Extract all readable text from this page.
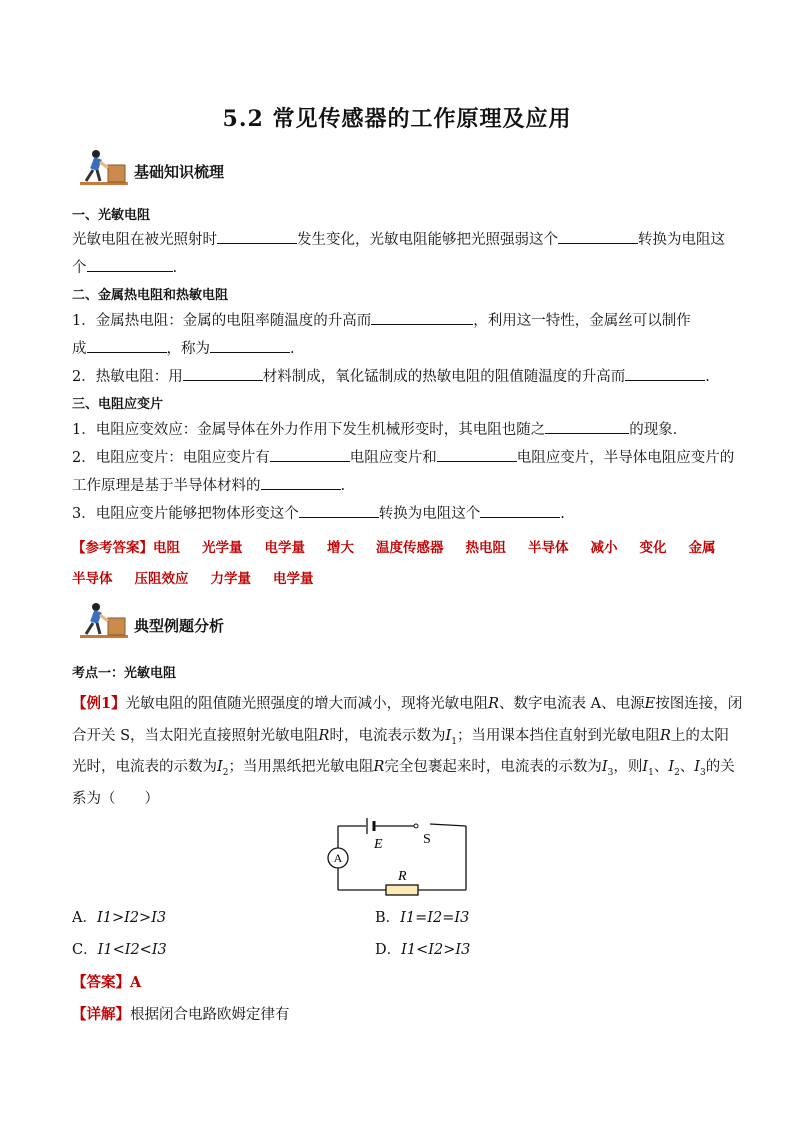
5.2 常见传感器的工作原理及应用
基础知识梳理
一、光敏电阻
光敏电阻在被光照射时	发生变化，光敏电阻能够把光照强弱这个	转换为电阻这
个	.
二、金属热电阻和热敏电阻
1．金属热电阻：金属的电阻率随温度的升高而	，利用这一特性，金属丝可以制作
成	，称为	.
2．热敏电阻：用	材料制成，氧化锰制成的热敏电阻的阻值随温度的升高而	.
三、电阻应变片
1．电阻应变效应：金属导体在外力作用下发生机械形变时，其电阻也随之	的现象．
2．电阻应变片：电阻应变片有	电阻应变片和	电阻应变片，半导体电阻应变片的
工作原理是基于半导体材料的	.
3．电阻应变片能够把物体形变这个	转换为电阻这个	.
【参考答案】电阻 光学量 电学量 增大 温度传感器 热电阻 半导体 减小 变化 金属
半导体 压阻效应 力学量 电学量
典型例题分析
考点一：光敏电阻
【例1】光敏电阻的阻值随光照强度的增大而减小，现将光敏电阻R、数字电流表 A、电源E按图连接，闭
合开关 S，当太阳光直接照射光敏电阻R时，电流表示数为$I_1$；当用课本挡住直射到光敏电阻R上的太阳
光时，电流表的示数为$I_2$；当用黑纸把光敏电阻R完全包裹起来时，电流表的示数为$I_3$，则$I_1$、$I_2$、$I_3$的关
系为（　　）
A
E	S
R
A．I1>I2>I3	B．I1=I2=I3
C．I1<I2<I3	D．I1<I2>I3
【答案】A
【详解】根据闭合电路欧姆定律有
